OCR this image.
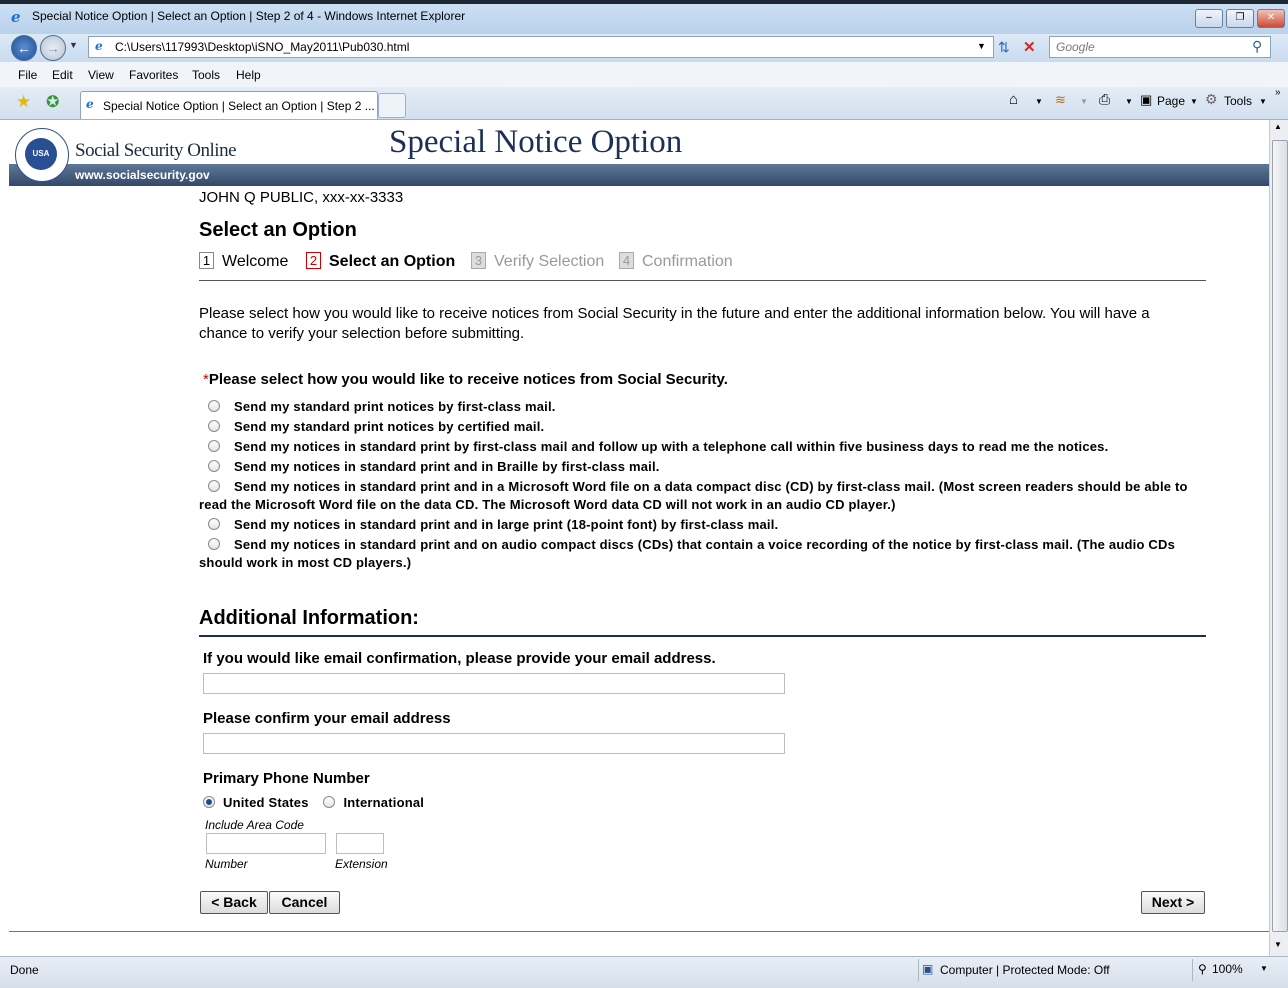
e Special Notice Option | Select an Option | Step 2 of 4 - Windows Internet Explorer	–	❐	✕
←	→	▼ e C:\Users\117993\Desktop\iSNO_May2011\Pub030.html	▼ ⇅ ✕ Google	⚲
File Edit View Favorites Tools Help
★ ✪ e Special Notice Option | Select an Option | Step 2 ...	⌂ ▼ ≋ ▼ ⎙ ▼ ▣ Page ▼ ⚙ Tools ▼
»
USA	Social Security Online	Special Notice Option
www.socialsecurity.gov
JOHN Q PUBLIC, xxx-xx-3333
Select an Option
1 Welcome 2 Select an Option 3 Verify Selection 4 Confirmation
Please select how you would like to receive notices from Social Security in the future and enter the additional information below. You will have a chance to verify your selection before submitting.
*Please select how you would like to receive notices from Social Security.
Send my standard print notices by first-class mail.
Send my standard print notices by certified mail.
Send my notices in standard print by first-class mail and follow up with a telephone call within five business days to read me the notices.
Send my notices in standard print and in Braille by first-class mail.
Send my notices in standard print and in a Microsoft Word file on a data compact disc (CD) by first-class mail. (Most screen readers should be able to read the Microsoft Word file on the data CD. The Microsoft Word data CD will not work in an audio CD player.)
Send my notices in standard print and in large print (18-point font) by first-class mail.
Send my notices in standard print and on audio compact discs (CDs) that contain a voice recording of the notice by first-class mail. (The audio CDs should work in most CD players.)
Additional Information:
If you would like email confirmation, please provide your email address.
Please confirm your email address
Primary Phone Number
United States	International
Include Area Code
Number	Extension
< Back	Cancel	Next >
▲
▼
Done	▣ Computer | Protected Mode: Off	⚲ 100% ▼
